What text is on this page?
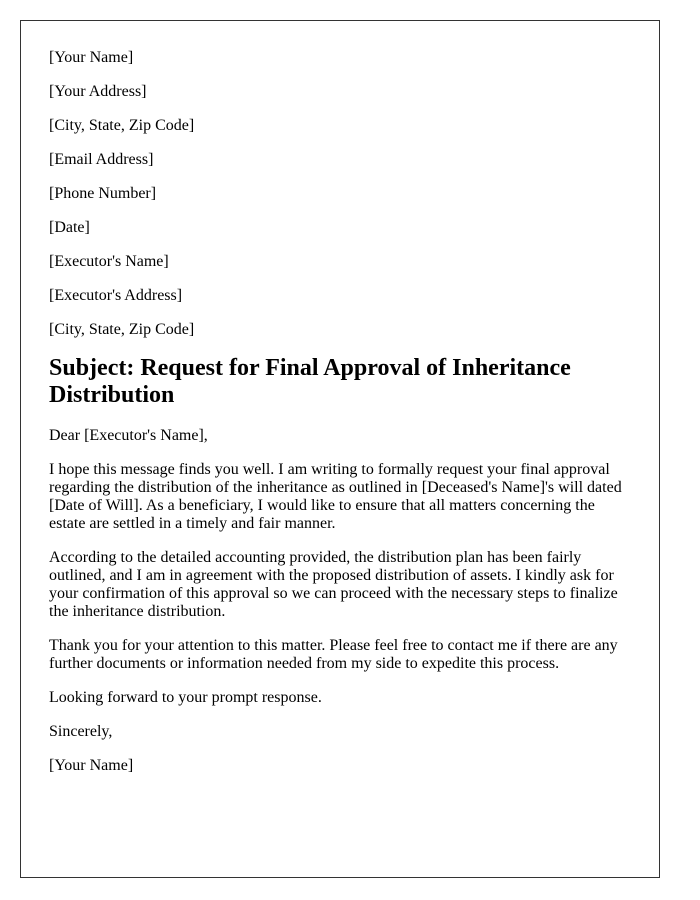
[Your Name]

[Your Address]

[City, State, Zip Code]

[Email Address]

[Phone Number]

[Date]

[Executor's Name]

[Executor's Address]

[City, State, Zip Code]

Subject: Request for Final Approval of Inheritance Distribution

Dear [Executor's Name],

I hope this message finds you well. I am writing to formally request your final approval regarding the distribution of the inheritance as outlined in [Deceased's Name]'s will dated [Date of Will]. As a beneficiary, I would like to ensure that all matters concerning the estate are settled in a timely and fair manner.

According to the detailed accounting provided, the distribution plan has been fairly outlined, and I am in agreement with the proposed distribution of assets. I kindly ask for your confirmation of this approval so we can proceed with the necessary steps to finalize the inheritance distribution.

Thank you for your attention to this matter. Please feel free to contact me if there are any further documents or information needed from my side to expedite this process.

Looking forward to your prompt response.

Sincerely,

[Your Name]
